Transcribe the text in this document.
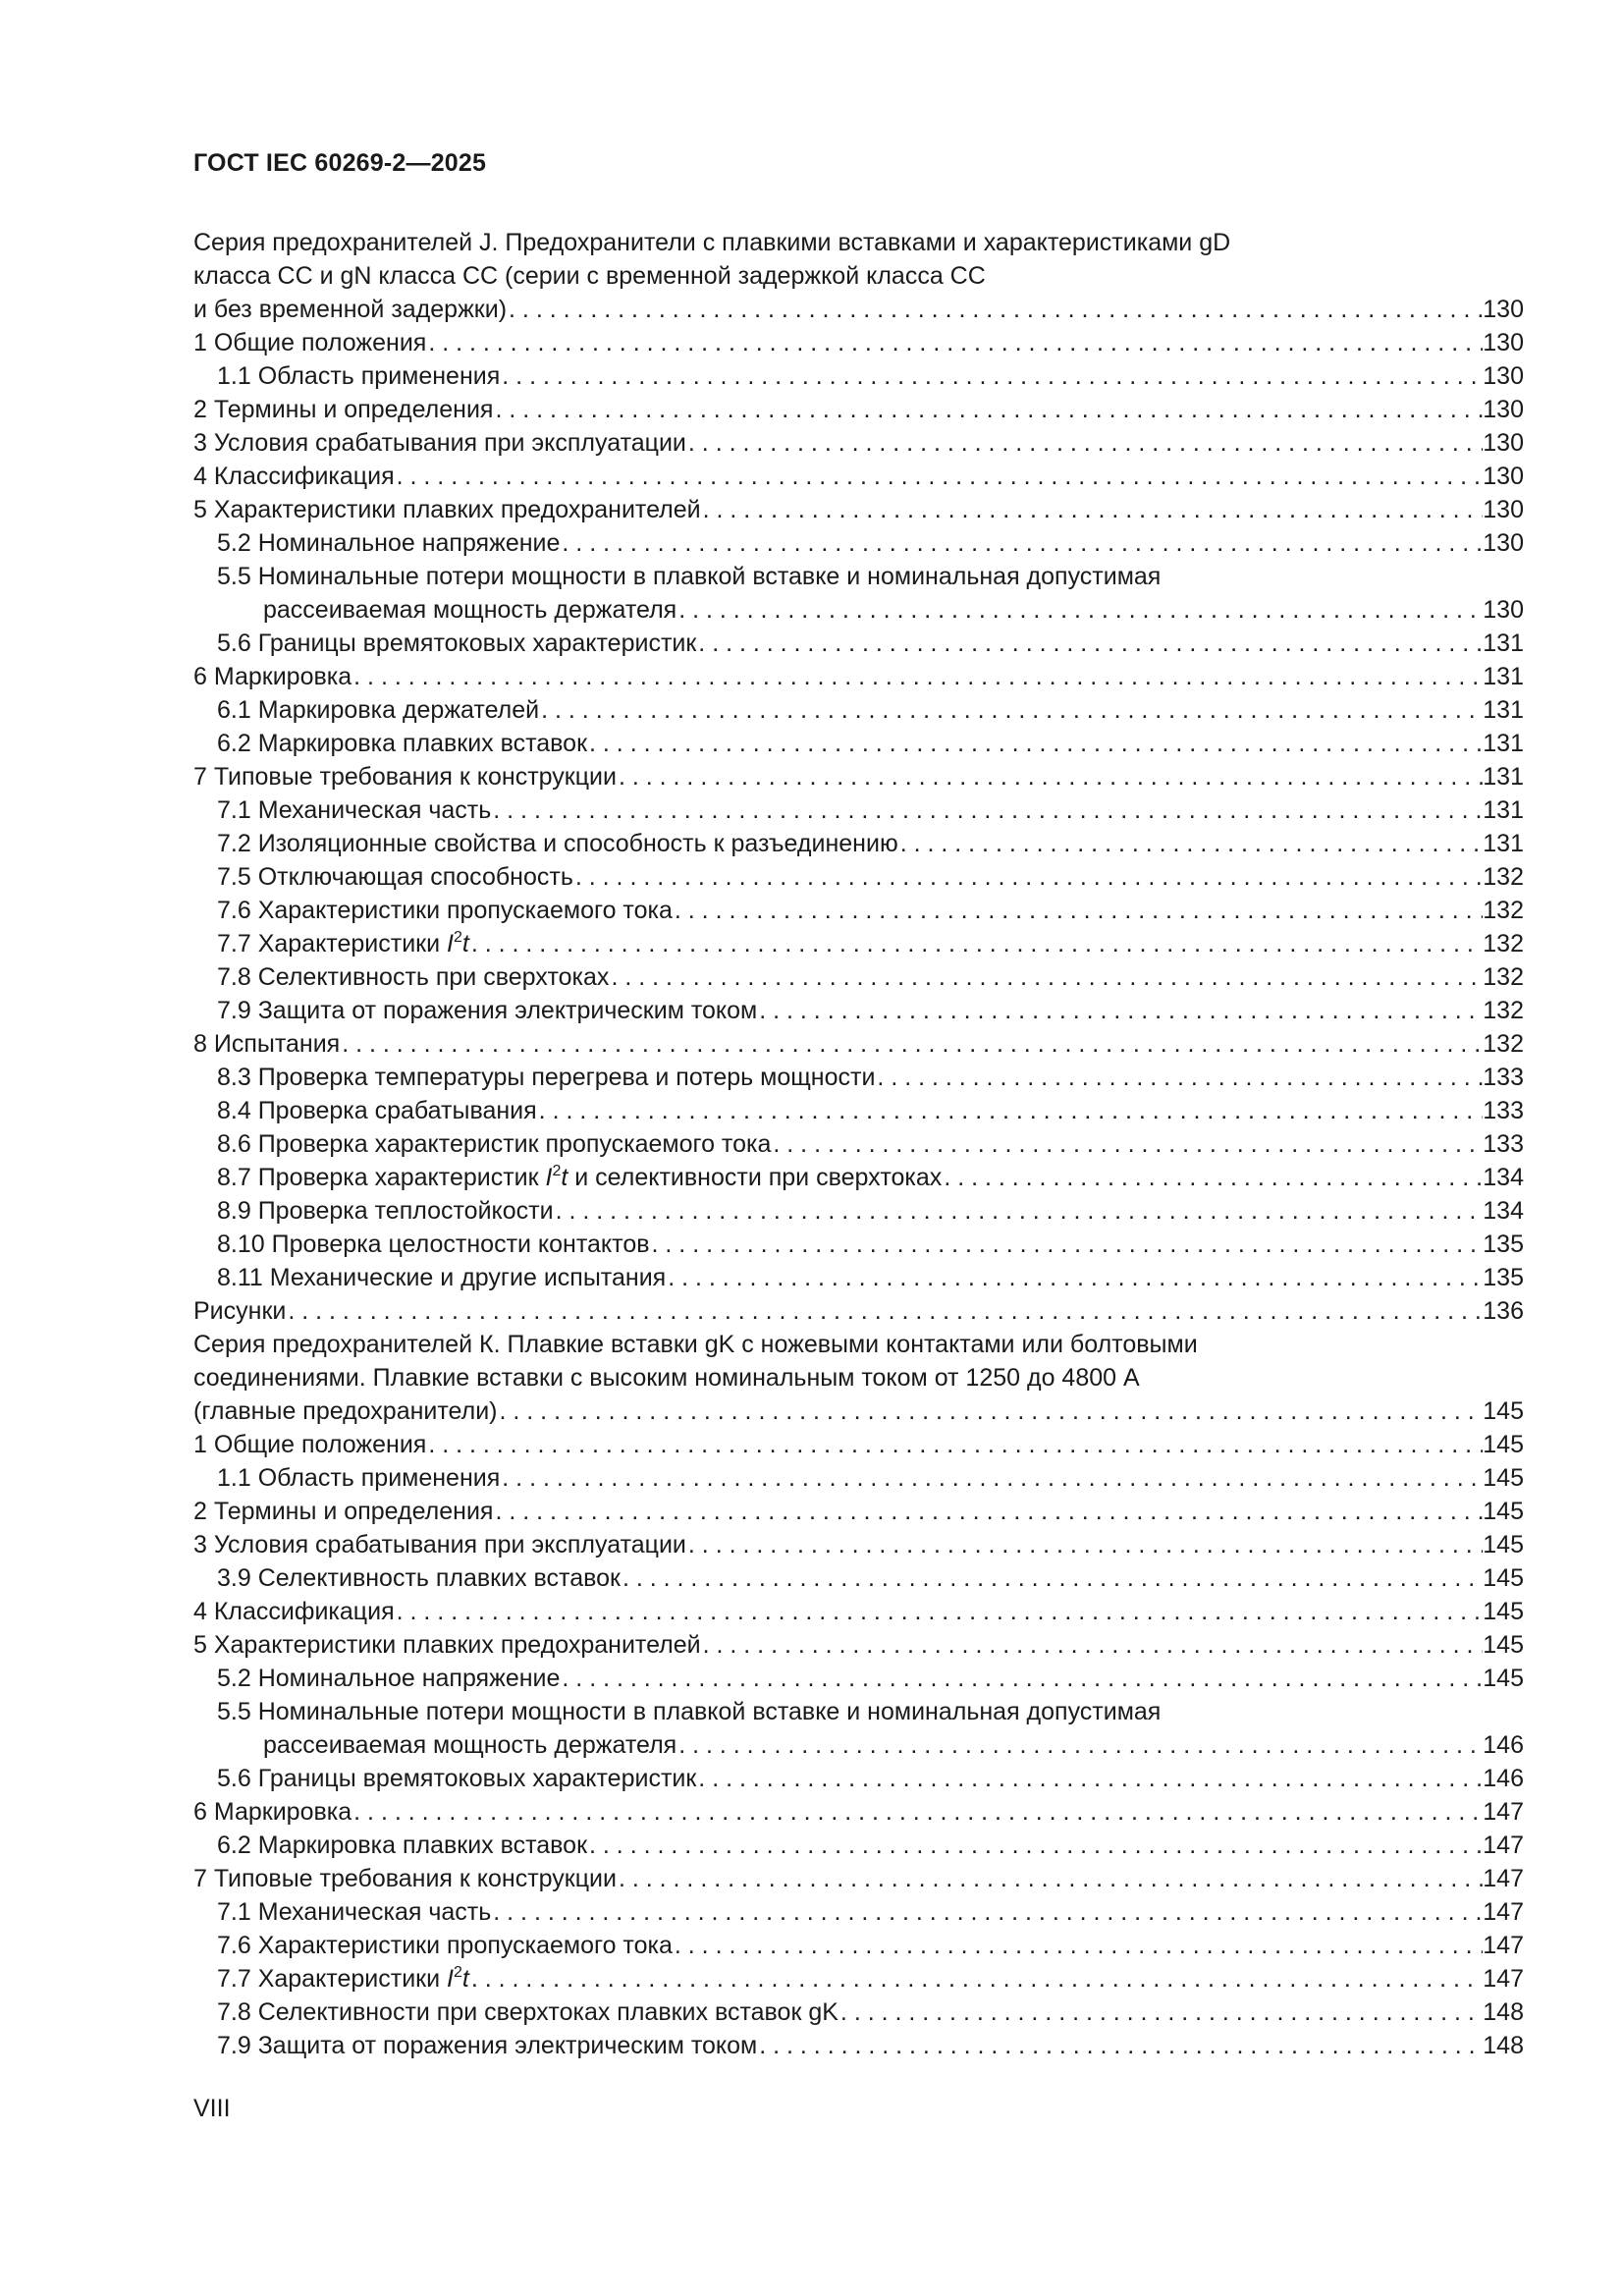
ГОСТ IEC 60269-2—2025
Серия предохранителей J. Предохранители с плавкими вставками и характеристиками gD
класса СС и gN класса СС (серии с временной задержкой класса СС
и без временной задержки) . . .	130
1 Общие положения . . .	130
1.1 Область применения . . .	130
2 Термины и определения . . .	130
3 Условия срабатывания при эксплуатации . . .	130
4 Классификация . . .	130
5 Характеристики плавких предохранителей . . .	130
5.2 Номинальное напряжение . . .	130
5.5 Номинальные потери мощности в плавкой вставке и номинальная допустимая
рассеиваемая мощность держателя . . .	130
5.6 Границы времятоковых характеристик . . .	131
6 Маркировка . . .	131
6.1 Маркировка держателей . . .	131
6.2 Маркировка плавких вставок . . .	131
7 Типовые требования к конструкции . . .	131
7.1 Механическая часть . . .	131
7.2 Изоляционные свойства и способность к разъединению . . .	131
7.5 Отключающая способность . . .	132
7.6 Характеристики пропускаемого тока . . .	132
7.7 Характеристики $I^2t$ . . .	132
7.8 Селективность при сверхтоках . . .	132
7.9 Защита от поражения электрическим током . . .	132
8 Испытания . . .	132
8.3 Проверка температуры перегрева и потерь мощности . . .	133
8.4 Проверка срабатывания . . .	133
8.6 Проверка характеристик пропускаемого тока . . .	133
8.7 Проверка характеристик $I^2t$ и селективности при сверхтоках . . .	134
8.9 Проверка теплостойкости . . .	134
8.10 Проверка целостности контактов . . .	135
8.11 Механические и другие испытания . . .	135
Рисунки . . .	136
Серия предохранителей К. Плавкие вставки gK с ножевыми контактами или болтовыми
соединениями. Плавкие вставки с высоким номинальным током от 1250 до 4800 А
(главные предохранители) . . .	145
1 Общие положения . . .	145
1.1 Область применения . . .	145
2 Термины и определения . . .	145
3 Условия срабатывания при эксплуатации . . .	145
3.9 Селективность плавких вставок . . .	145
4 Классификация . . .	145
5 Характеристики плавких предохранителей . . .	145
5.2 Номинальное напряжение . . .	145
5.5 Номинальные потери мощности в плавкой вставке и номинальная допустимая
рассеиваемая мощность держателя . . .	146
5.6 Границы времятоковых характеристик . . .	146
6 Маркировка . . .	147
6.2 Маркировка плавких вставок . . .	147
7 Типовые требования к конструкции . . .	147
7.1 Механическая часть . . .	147
7.6 Характеристики пропускаемого тока . . .	147
7.7 Характеристики $I^2t$ . . .	147
7.8 Селективности при сверхтоках плавких вставок gK . . .	148
7.9 Защита от поражения электрическим током . . .	148
VIII
